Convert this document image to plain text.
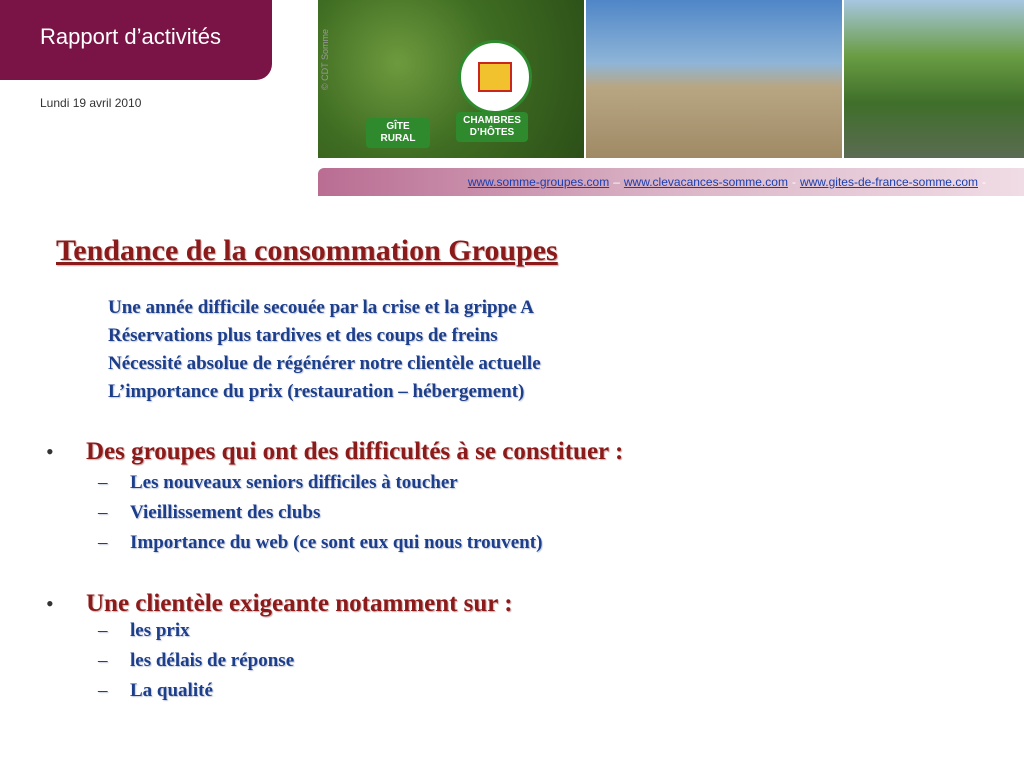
Rapport d’activités
Lundi 19 avril 2010
GÎTE
RURAL
CHAMBRES
D’HÔTES
© CDT Somme
www.somme-groupes.com – www.clevacances-somme.com - www.gites-de-france-somme.com -
Tendance de la consommation Groupes
Une année difficile secouée par la crise et la grippe A
Réservations plus tardives et des coups de freins
Nécessité absolue de régénérer notre clientèle actuelle
L’importance du prix (restauration – hébergement)
•	Des groupes qui ont des difficultés à se constituer :
–	Les nouveaux seniors difficiles à toucher
–	Vieillissement des clubs
–	Importance du web (ce sont eux qui nous trouvent)
•	Une clientèle exigeante notamment sur :
–	les prix
–	les délais de réponse
–	La qualité
